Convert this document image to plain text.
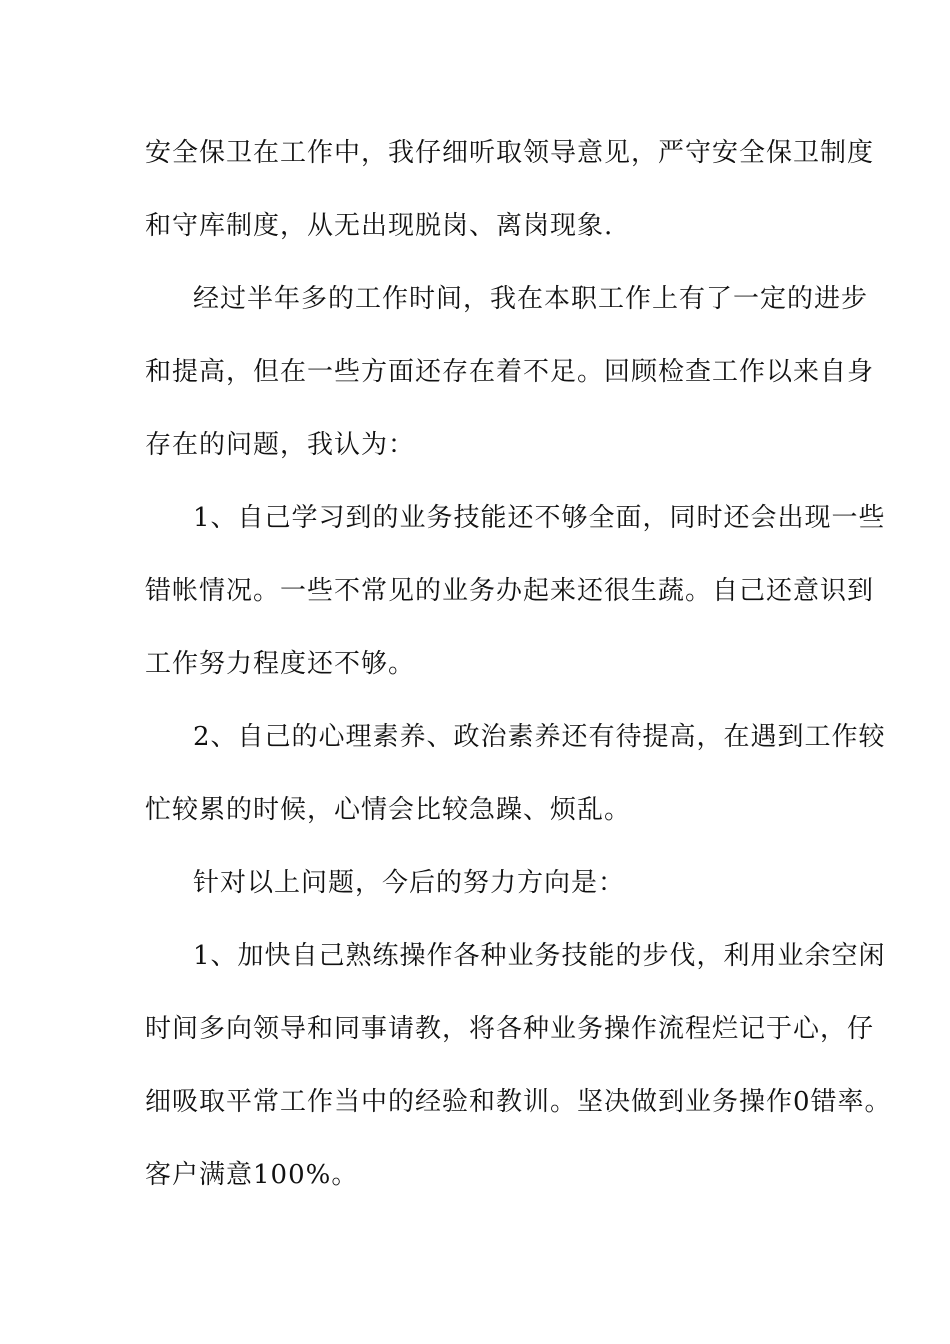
安全保卫在工作中，我仔细听取领导意见，严守安全保卫制度
和守库制度，从无出现脱岗、离岗现象.
经过半年多的工作时间，我在本职工作上有了一定的进步
和提高，但在一些方面还存在着不足。回顾检查工作以来自身
存在的问题，我认为：
1、自己学习到的业务技能还不够全面，同时还会出现一些
错帐情况。一些不常见的业务办起来还很生蔬。自己还意识到
工作努力程度还不够。
2、自己的心理素养、政治素养还有待提高，在遇到工作较
忙较累的时候，心情会比较急躁、烦乱。
针对以上问题，今后的努力方向是：
1、加快自己熟练操作各种业务技能的步伐，利用业余空闲
时间多向领导和同事请教，将各种业务操作流程烂记于心，仔
细吸取平常工作当中的经验和教训。坚决做到业务操作0错率。
客户满意100%。
